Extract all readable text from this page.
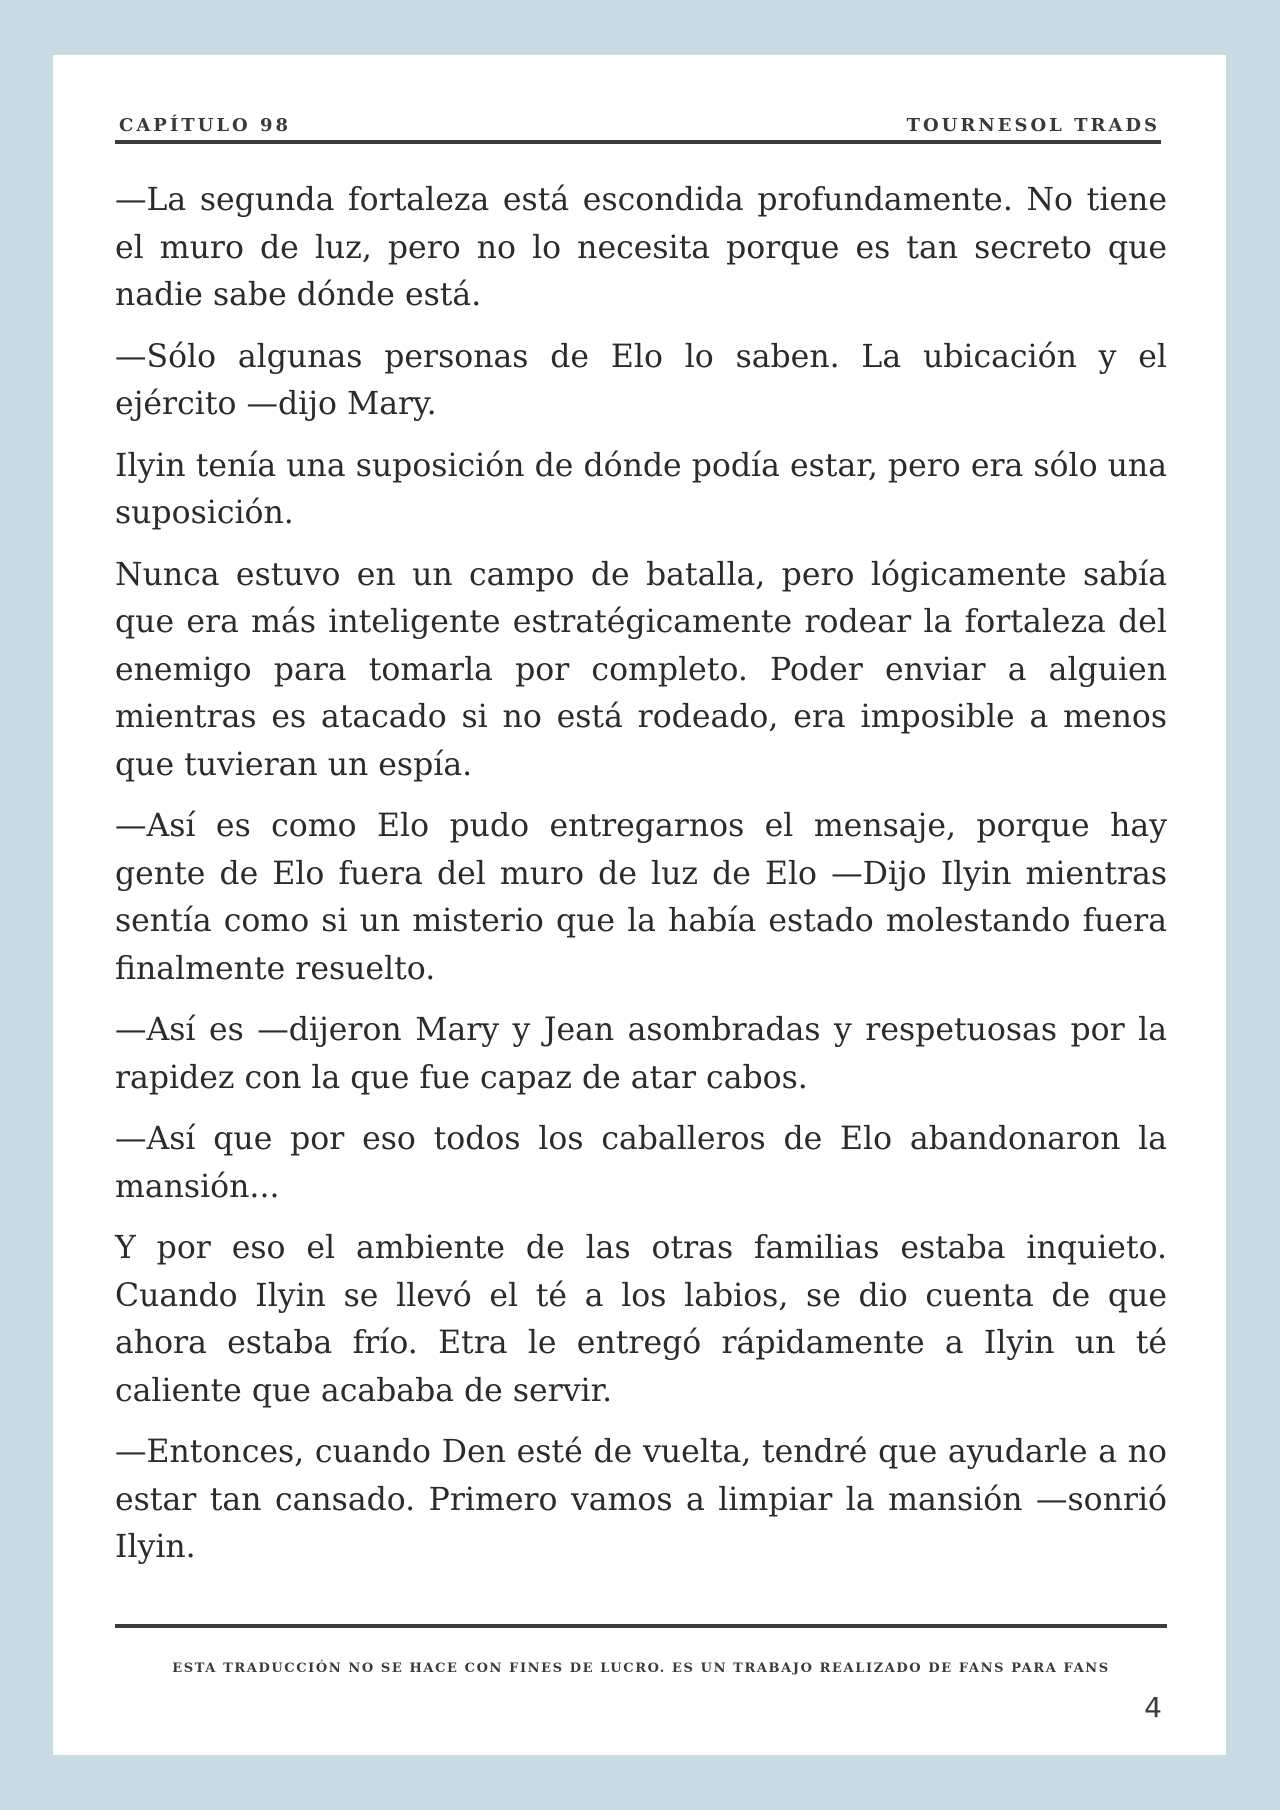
CAPÍTULO 98	TOURNESOL TRADS

—La segunda fortaleza está escondida profundamente. No tiene el muro de luz, pero no lo necesita porque es tan secreto que nadie sabe dónde está.

—Sólo algunas personas de Elo lo saben. La ubicación y el ejército —dijo Mary.

Ilyin tenía una suposición de dónde podía estar, pero era sólo una suposición.

Nunca estuvo en un campo de batalla, pero lógicamente sabía que era más inteligente estratégicamente rodear la fortaleza del enemigo para tomarla por completo. Poder enviar a alguien mientras es atacado si no está rodeado, era imposible a menos que tuvieran un espía.

—Así es como Elo pudo entregarnos el mensaje, porque hay gente de Elo fuera del muro de luz de Elo —Dijo Ilyin mientras sentía como si un misterio que la había estado molestando fuera finalmente resuelto.

—Así es —dijeron Mary y Jean asombradas y respetuosas por la rapidez con la que fue capaz de atar cabos.

—Así que por eso todos los caballeros de Elo abandonaron la mansión...

Y por eso el ambiente de las otras familias estaba inquieto. Cuando Ilyin se llevó el té a los labios, se dio cuenta de que ahora estaba frío. Etra le entregó rápidamente a Ilyin un té caliente que acababa de servir.

—Entonces, cuando Den esté de vuelta, tendré que ayudarle a no estar tan cansado. Primero vamos a limpiar la mansión —sonrió Ilyin.

ESTA TRADUCCIÓN NO SE HACE CON FINES DE LUCRO. ES UN TRABAJO REALIZADO DE FANS PARA FANS
4
